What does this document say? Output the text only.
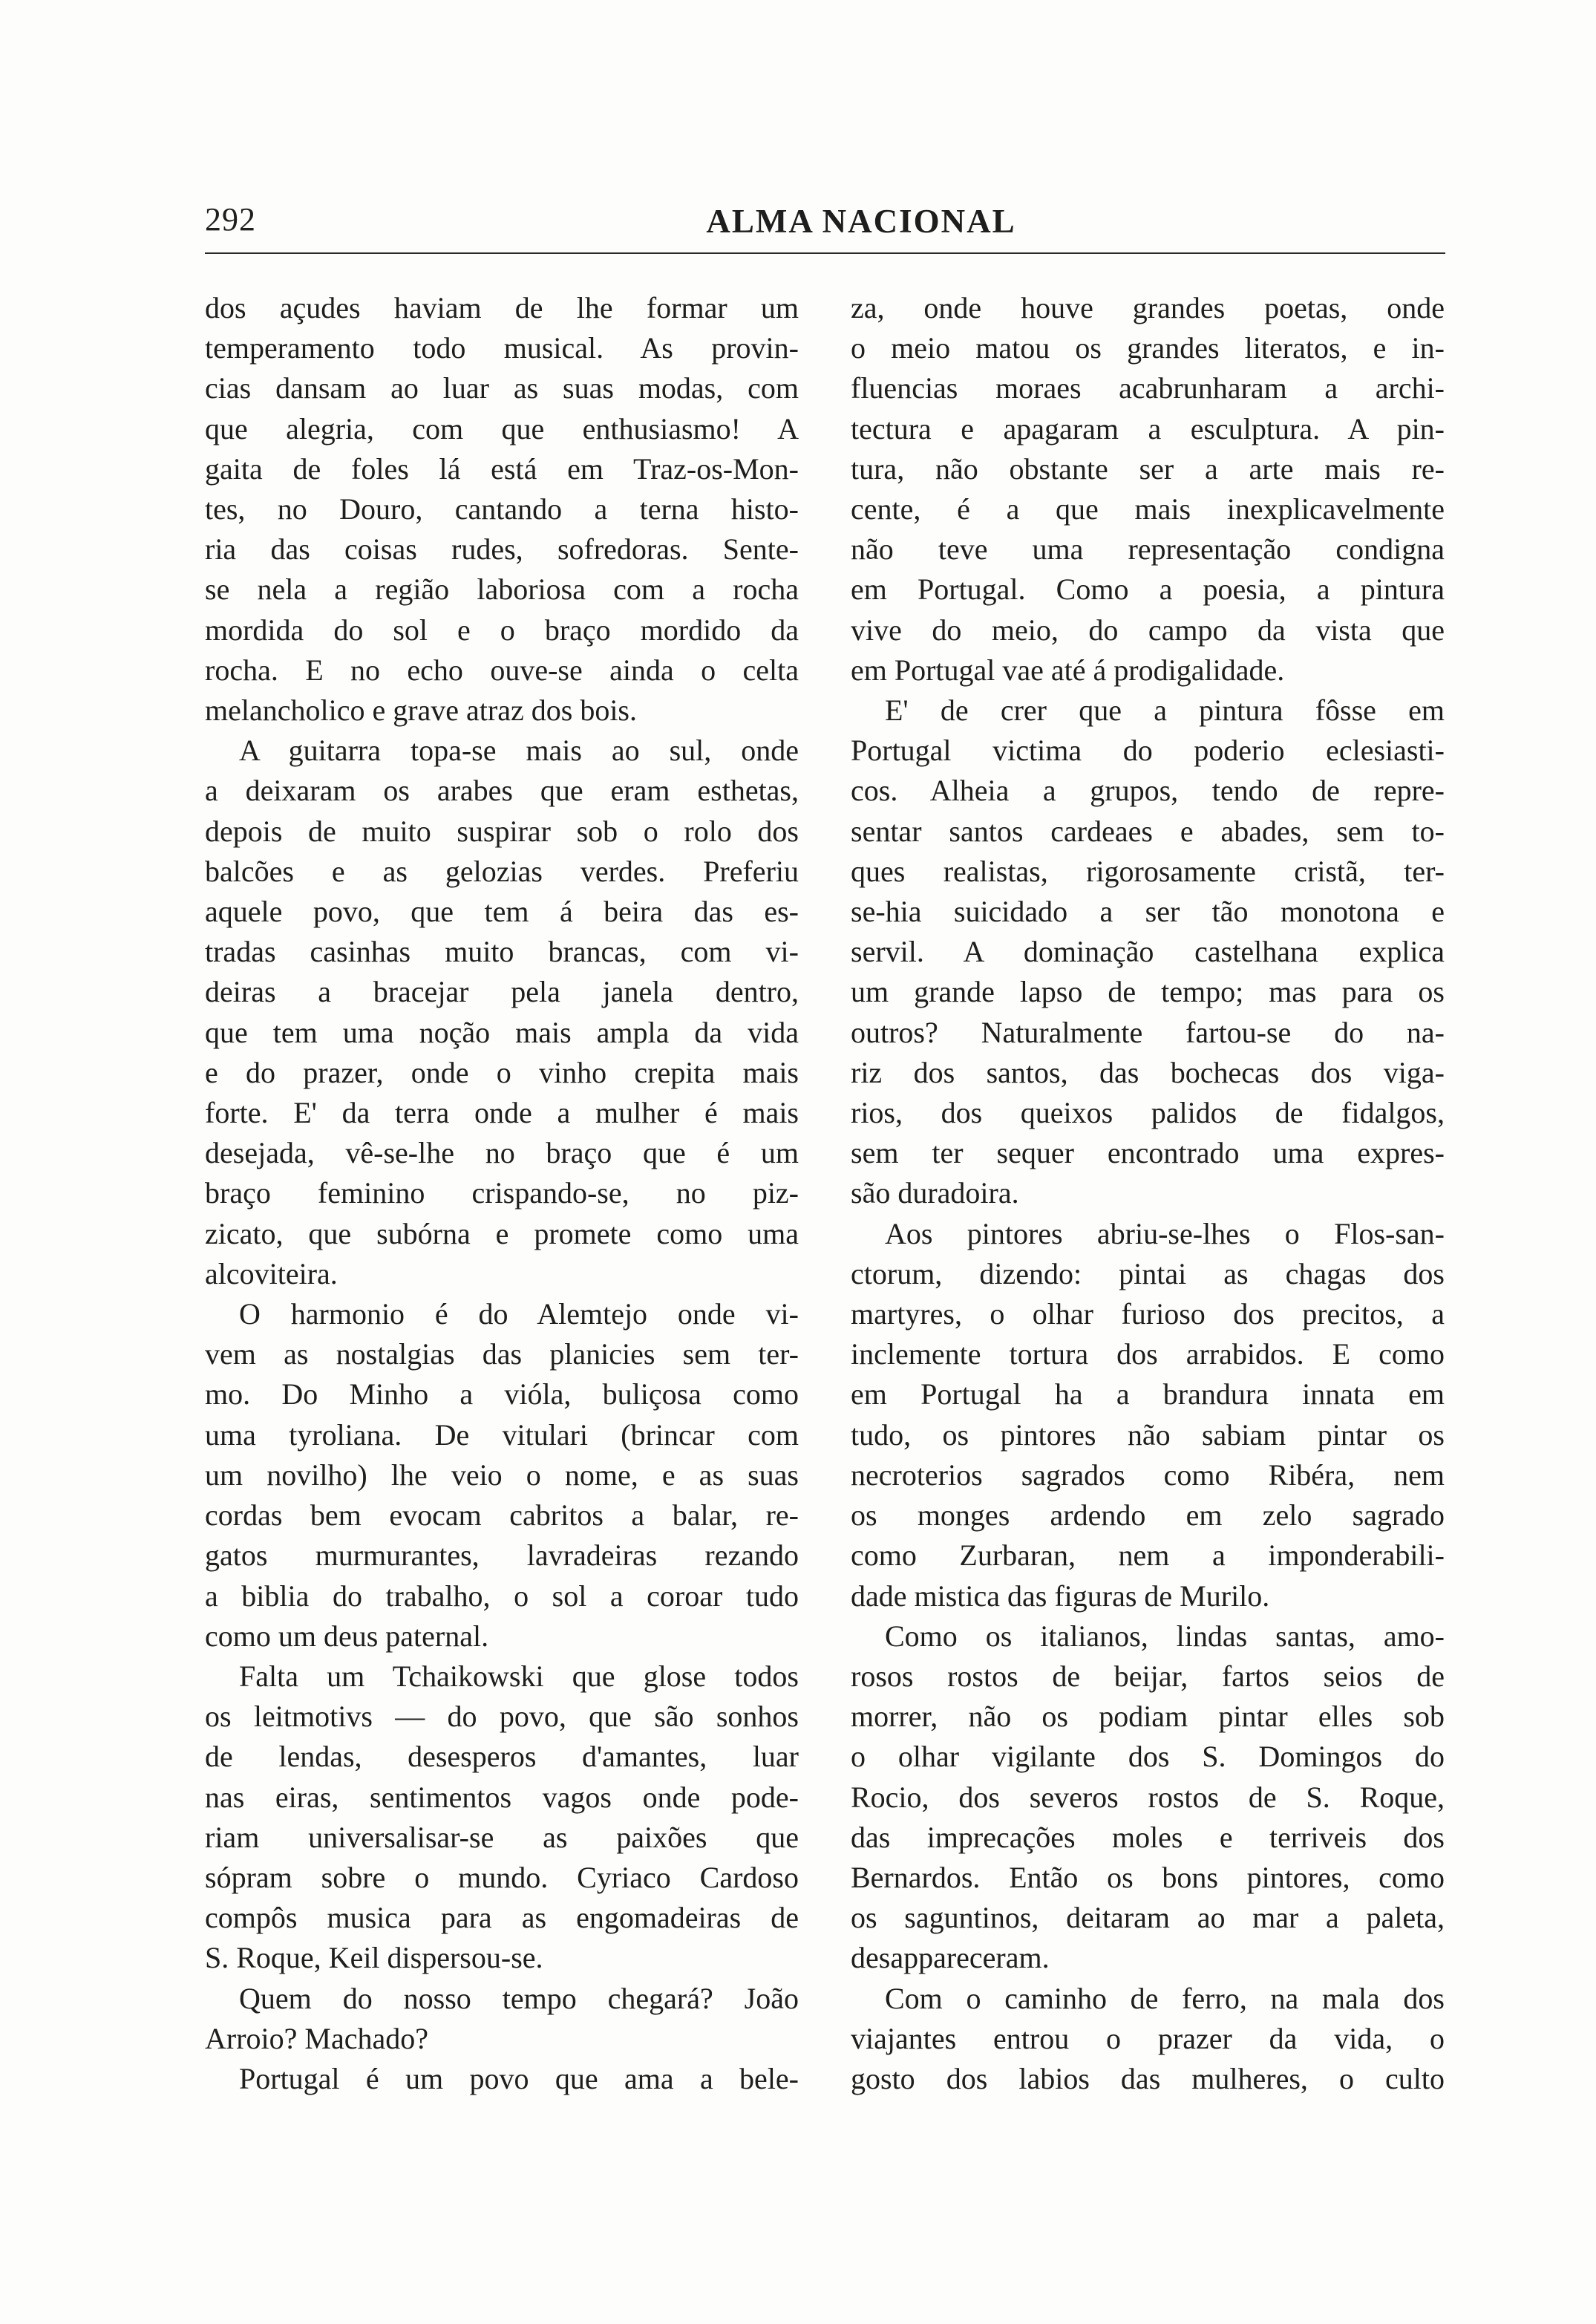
292	ALMA NACIONAL
dos açudes haviam de lhe formar um
temperamento todo musical. As provin-
cias dansam ao luar as suas modas, com
que alegria, com que enthusiasmo! A
gaita de foles lá está em Traz-os-Mon-
tes, no Douro, cantando a terna histo-
ria das coisas rudes, sofredoras. Sente-
se nela a região laboriosa com a rocha
mordida do sol e o braço mordido da
rocha. E no echo ouve-se ainda o celta
melancholico e grave atraz dos bois.
A guitarra topa-se mais ao sul, onde
a deixaram os arabes que eram esthetas,
depois de muito suspirar sob o rolo dos
balcões e as gelozias verdes. Preferiu
aquele povo, que tem á beira das es-
tradas casinhas muito brancas, com vi-
deiras a bracejar pela janela dentro,
que tem uma noção mais ampla da vida
e do prazer, onde o vinho crepita mais
forte. E' da terra onde a mulher é mais
desejada, vê-se-lhe no braço que é um
braço feminino crispando-se, no piz-
zicato, que subórna e promete como uma
alcoviteira.
O harmonio é do Alemtejo onde vi-
vem as nostalgias das planicies sem ter-
mo. Do Minho a vióla, buliçosa como
uma tyroliana. De vitulari (brincar com
um novilho) lhe veio o nome, e as suas
cordas bem evocam cabritos a balar, re-
gatos murmurantes, lavradeiras rezando
a biblia do trabalho, o sol a coroar tudo
como um deus paternal.
Falta um Tchaikowski que glose todos
os leitmotivs — do povo, que são sonhos
de lendas, desesperos d'amantes, luar
nas eiras, sentimentos vagos onde pode-
riam universalisar-se as paixões que
sópram sobre o mundo. Cyriaco Cardoso
compôs musica para as engomadeiras de
S. Roque, Keil dispersou-se.
Quem do nosso tempo chegará? João
Arroio? Machado?
Portugal é um povo que ama a bele-
za, onde houve grandes poetas, onde
o meio matou os grandes literatos, e in-
fluencias moraes acabrunharam a archi-
tectura e apagaram a esculptura. A pin-
tura, não obstante ser a arte mais re-
cente, é a que mais inexplicavelmente
não teve uma representação condigna
em Portugal. Como a poesia, a pintura
vive do meio, do campo da vista que
em Portugal vae até á prodigalidade.
E' de crer que a pintura fôsse em
Portugal victima do poderio eclesiasti-
cos. Alheia a grupos, tendo de repre-
sentar santos cardeaes e abades, sem to-
ques realistas, rigorosamente cristã, ter-
se-hia suicidado a ser tão monotona e
servil. A dominação castelhana explica
um grande lapso de tempo; mas para os
outros? Naturalmente fartou-se do na-
riz dos santos, das bochecas dos viga-
rios, dos queixos palidos de fidalgos,
sem ter sequer encontrado uma expres-
são duradoira.
Aos pintores abriu-se-lhes o Flos-san-
ctorum, dizendo: pintai as chagas dos
martyres, o olhar furioso dos precitos, a
inclemente tortura dos arrabidos. E como
em Portugal ha a brandura innata em
tudo, os pintores não sabiam pintar os
necroterios sagrados como Ribéra, nem
os monges ardendo em zelo sagrado
como Zurbaran, nem a imponderabili-
dade mistica das figuras de Murilo.
Como os italianos, lindas santas, amo-
rosos rostos de beijar, fartos seios de
morrer, não os podiam pintar elles sob
o olhar vigilante dos S. Domingos do
Rocio, dos severos rostos de S. Roque,
das imprecações moles e terriveis dos
Bernardos. Então os bons pintores, como
os saguntinos, deitaram ao mar a paleta,
desappareceram.
Com o caminho de ferro, na mala dos
viajantes entrou o prazer da vida, o
gosto dos labios das mulheres, o culto
